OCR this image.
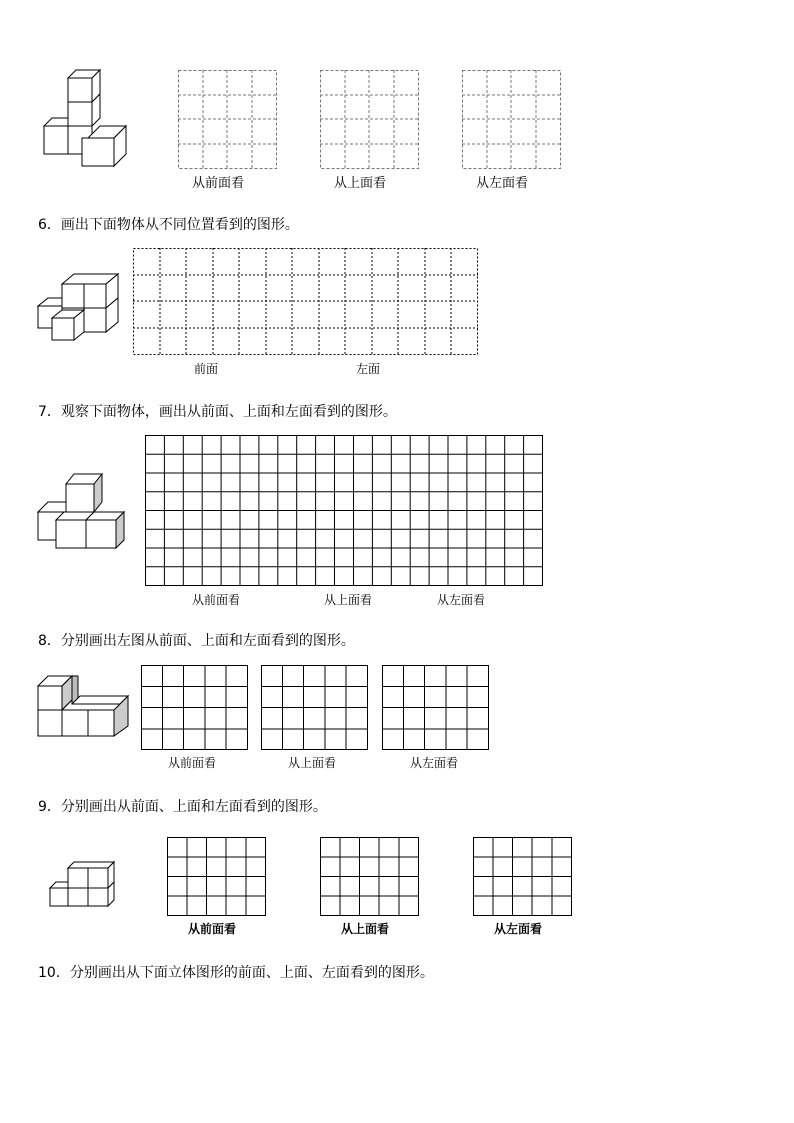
从前面看	从上面看	从左面看
6．画出下面物体从不同位置看到的图形。
前面	左面
7．观察下面物体，画出从前面、上面和左面看到的图形。
从前面看	从上面看	从左面看
8．分别画出左图从前面、上面和左面看到的图形。
从前面看	从上面看	从左面看
9．分别画出从前面、上面和左面看到的图形。
从前面看	从上面看	从左面看
10．分别画出从下面立体图形的前面、上面、左面看到的图形。
